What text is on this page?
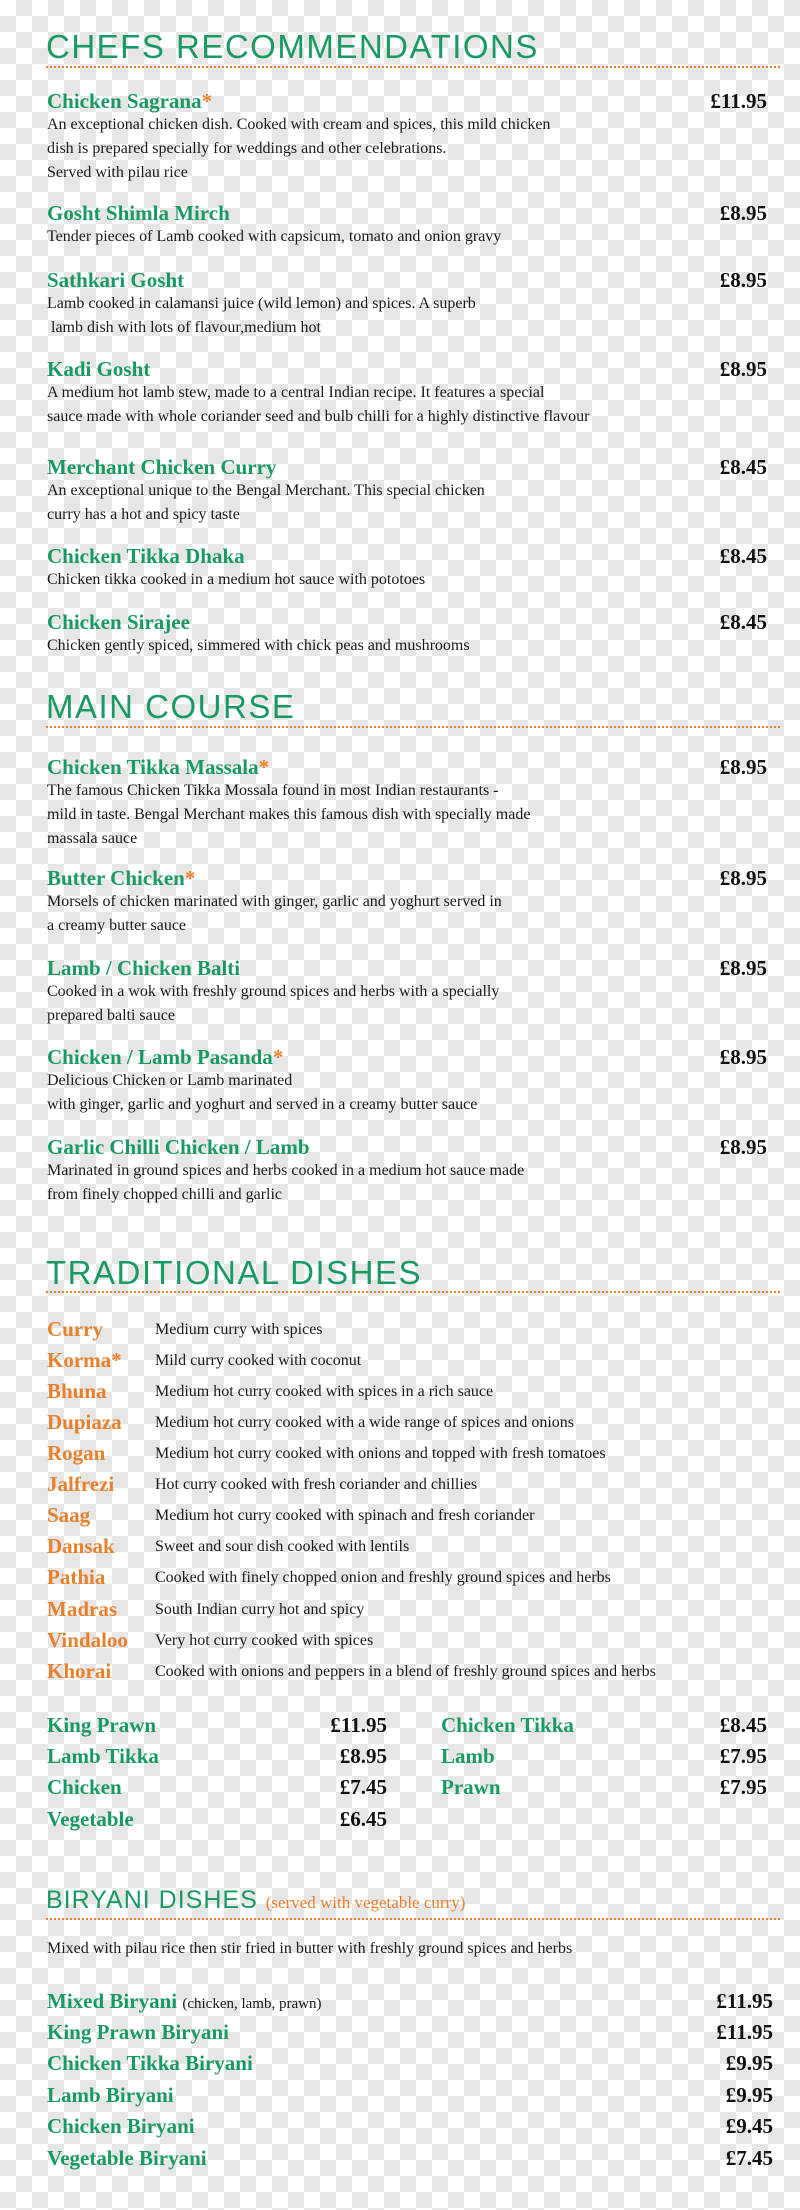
CHEFS RECOMMENDATIONS
Chicken Sagrana*	£11.95
An exceptional chicken dish. Cooked with cream and spices, this mild chicken
dish is prepared specially for weddings and other celebrations.
Served with pilau rice
Gosht Shimla Mirch	£8.95
Tender pieces of Lamb cooked with capsicum, tomato and onion gravy
Sathkari Gosht	£8.95
Lamb cooked in calamansi juice (wild lemon) and spices. A superb
lamb dish with lots of flavour,medium hot
Kadi Gosht	£8.95
A medium hot lamb stew, made to a central Indian recipe. It features a special
sauce made with whole coriander seed and bulb chilli for a highly distinctive flavour
Merchant Chicken Curry	£8.45
An exceptional unique to the Bengal Merchant. This special chicken
curry has a hot and spicy taste
Chicken Tikka Dhaka	£8.45
Chicken tikka cooked in a medium hot sauce with pototoes
Chicken Sirajee	£8.45
Chicken gently spiced, simmered with chick peas and mushrooms
MAIN COURSE
Chicken Tikka Massala*	£8.95
The famous Chicken Tikka Mossala found in most Indian restaurants -
mild in taste. Bengal Merchant makes this famous dish with specially made
massala sauce
Butter Chicken*	£8.95
Morsels of chicken marinated with ginger, garlic and yoghurt served in
a creamy butter sauce
Lamb / Chicken Balti	£8.95
Cooked in a wok with freshly ground spices and herbs with a specially
prepared balti sauce
Chicken / Lamb Pasanda*	£8.95
Delicious Chicken or Lamb marinated
with ginger, garlic and yoghurt and served in a creamy butter sauce
Garlic Chilli Chicken / Lamb	£8.95
Marinated in ground spices and herbs cooked in a medium hot sauce made
from finely chopped chilli and garlic
TRADITIONAL DISHES
Curry	Medium curry with spices
Korma* Mild curry cooked with coconut
Bhuna	Medium hot curry cooked with spices in a rich sauce
Dupiaza Medium hot curry cooked with a wide range of spices and onions
Rogan	Medium hot curry cooked with onions and topped with fresh tomatoes
Jalfrezi	Hot curry cooked with fresh coriander and chillies
Saag	Medium hot curry cooked with spinach and fresh coriander
Dansak	Sweet and sour dish cooked with lentils
Pathia	Cooked with finely chopped onion and freshly ground spices and herbs
Madras South Indian curry hot and spicy
Vindaloo Very hot curry cooked with spices
Khorai	Cooked with onions and peppers in a blend of freshly ground spices and herbs
King Prawn	£11.95
Lamb Tikka	£8.95
Chicken	£7.45
Vegetable	£6.45
Chicken Tikka	£8.45
Lamb	£7.95
Prawn	£7.95
BIRYANI DISHES (served with vegetable curry)
Mixed with pilau rice then stir fried in butter with freshly ground spices and herbs
Mixed Biryani (chicken, lamb, prawn)	£11.95
King Prawn Biryani	£11.95
Chicken Tikka Biryani	£9.95
Lamb Biryani	£9.95
Chicken Biryani	£9.45
Vegetable Biryani	£7.45
